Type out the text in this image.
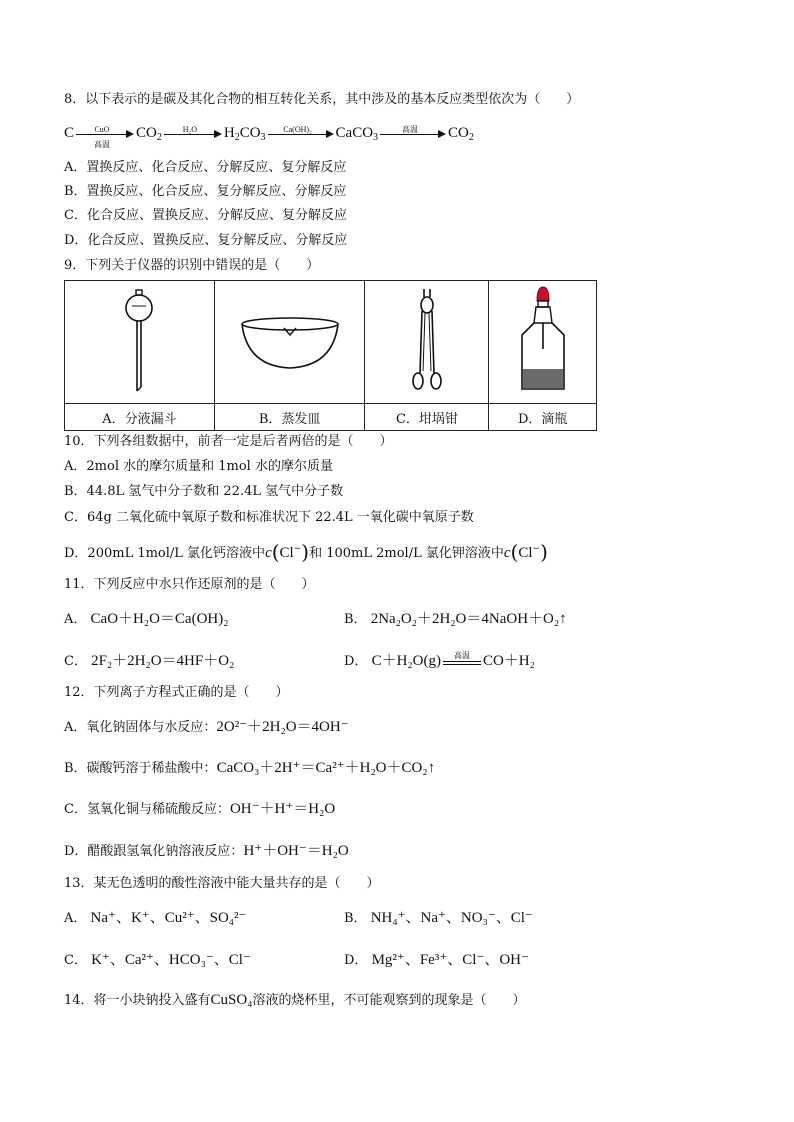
8．以下表示的是碳及其化合物的相互转化关系，其中涉及的基本反应类型依次为（　　）
C	CuO
高温
$CO_2$
H₂O	$H_2CO_3$
Ca(OH)₂	CaCO$_3$
高温	$CO_2$
A．置换反应、化合反应、分解反应、复分解反应
B．置换反应、化合反应、复分解反应、分解反应
C．化合反应、置换反应、分解反应、复分解反应
D．化合反应、置换反应、复分解反应、分解反应
9．下列关于仪器的识别中错误的是（　　）

A．分液漏斗	B．蒸发皿	C．坩埚钳	D．滴瓶
10．下列各组数据中，前者一定是后者两倍的是（　　）
A．2mol 水的摩尔质量和 1mol 水的摩尔质量
B．44.8L 氢气中分子数和 22.4L 氢气中分子数
C．64g 二氧化硫中氧原子数和标准状况下 22.4L 一氧化碳中氧原子数
D．200mL 1mol/L 氯化钙溶液中c(Cl−)和 100mL 2mol/L 氯化钾溶液中c(Cl−)
11．下列反应中水只作还原剂的是（　　）
A． CaO＋H₂O＝Ca(OH)₂	B． 2Na₂O₂＋2H₂O＝4NaOH＋O₂↑
C． 2F₂＋2H₂O＝4HF＋O₂	D． C＋H₂O(g)	高温 CO＋H₂
12．下列离子方程式正确的是（　　）
A．氧化钠固体与水反应：2O²⁻＋2H₂O＝4OH⁻
B．碳酸钙溶于稀盐酸中：CaCO₃＋2H⁺＝Ca²⁺＋H₂O＋CO₂↑
C．氢氧化铜与稀硫酸反应：OH⁻＋H⁺＝H₂O
D．醋酸跟氢氧化钠溶液反应：H⁺＋OH⁻＝H₂O
13．某无色透明的酸性溶液中能大量共存的是（　　）
A． Na⁺、K⁺、Cu²⁺、SO₄²⁻	B． NH₄⁺、Na⁺、NO₃⁻、Cl⁻
C． K⁺、Ca²⁺、HCO₃⁻、Cl⁻	D． Mg²⁺、Fe³⁺、Cl⁻、OH⁻
14．将一小块钠投入盛有CuSO₄溶液的烧杯里，不可能观察到的现象是（　　）
